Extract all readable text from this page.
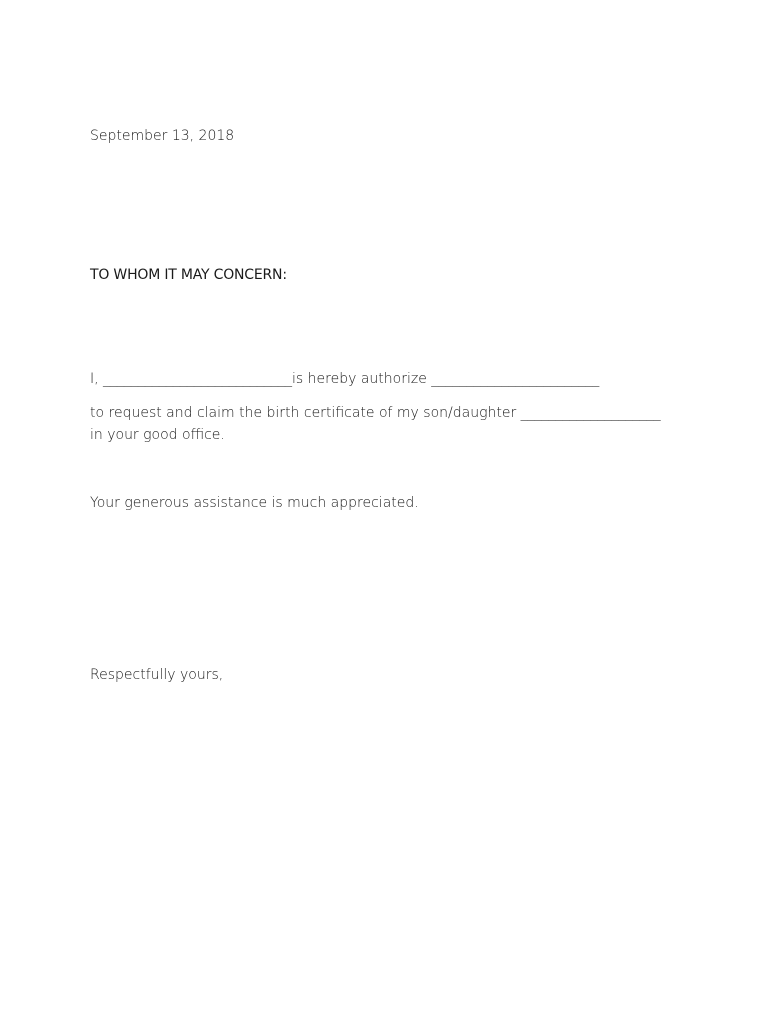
September 13, 2018
TO WHOM IT MAY CONCERN:
I, ___________________________is hereby authorize ________________________
to request and claim the birth certificate of my son/daughter ____________________
in your good office.
Your generous assistance is much appreciated.
Respectfully yours,
